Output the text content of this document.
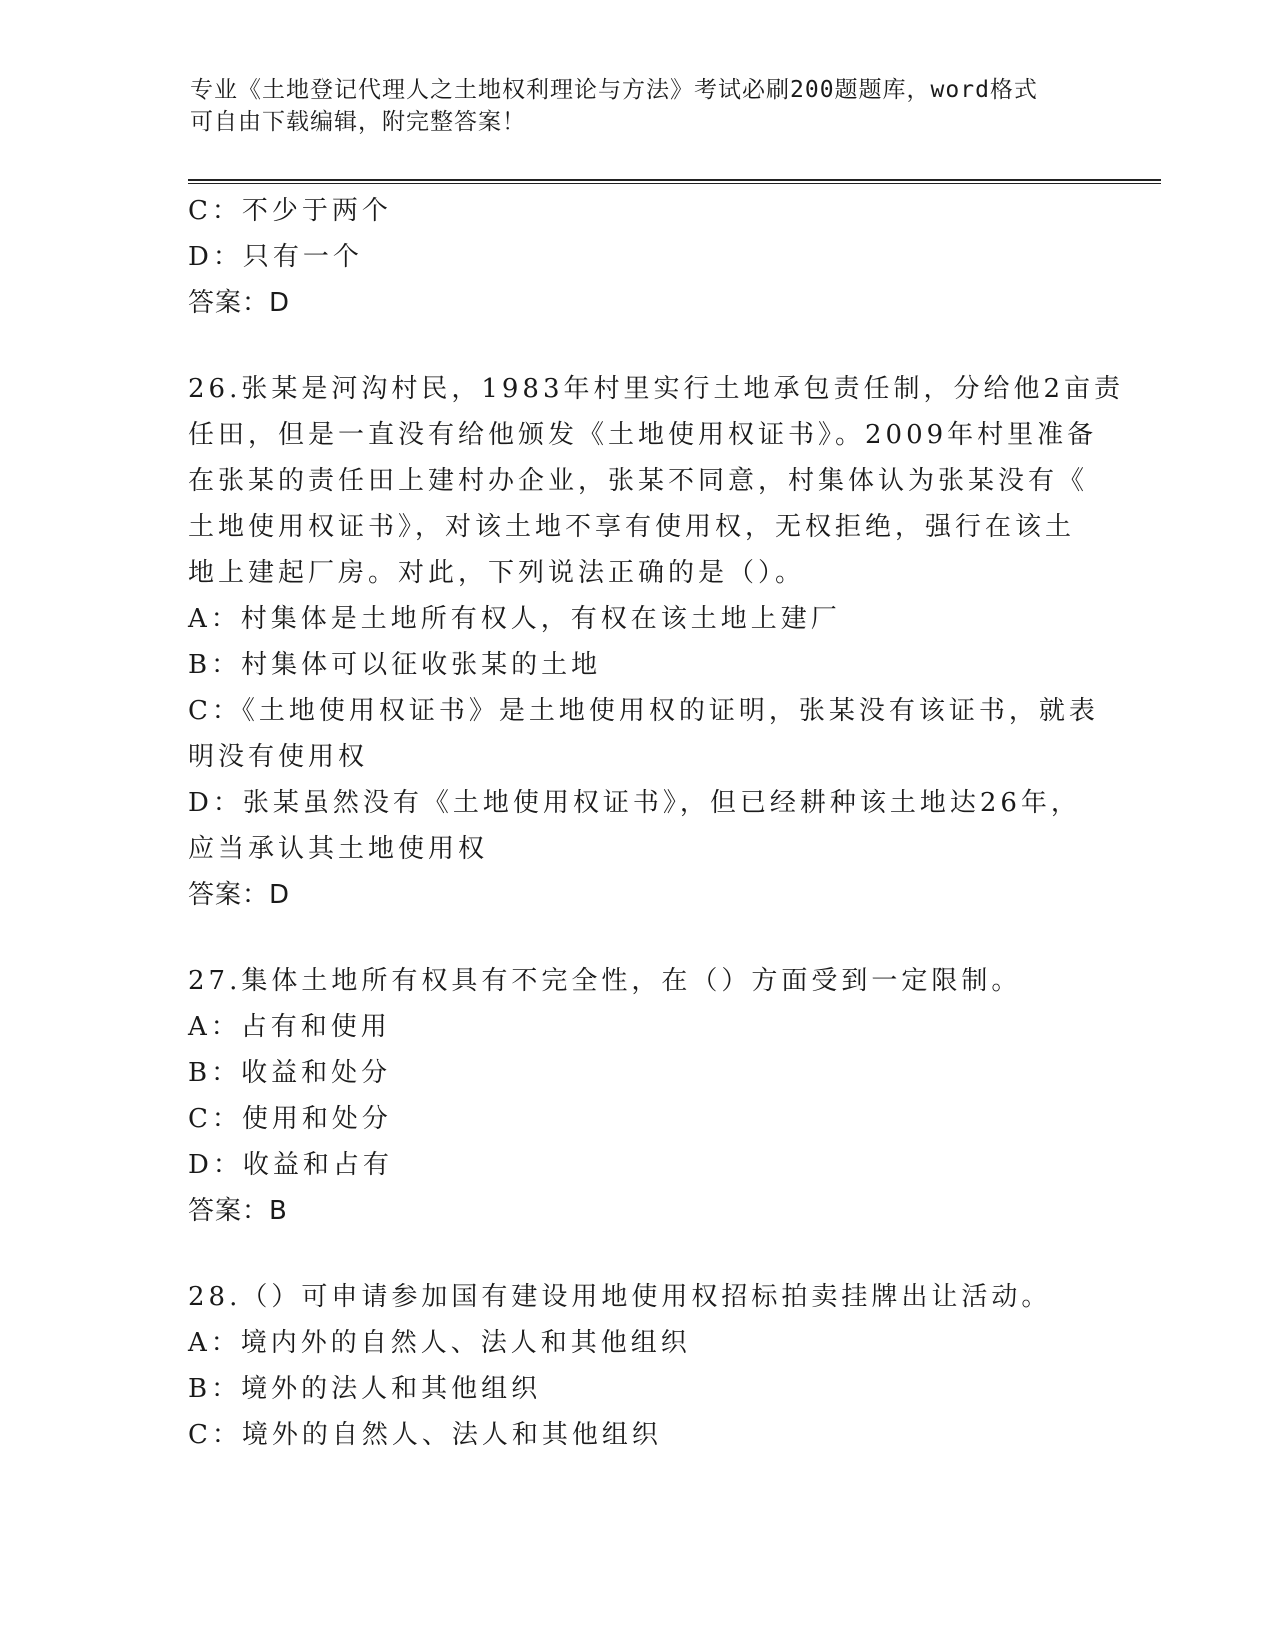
专业《土地登记代理人之土地权利理论与方法》考试必刷200题题库，word格式
可自由下载编辑，附完整答案！
C：不少于两个
D：只有一个
答案：D
26.张某是河沟村民，1983年村里实行土地承包责任制，分给他2亩责
任田，但是一直没有给他颁发《土地使用权证书》。2009年村里准备
在张某的责任田上建村办企业，张某不同意，村集体认为张某没有《
土地使用权证书》，对该土地不享有使用权，无权拒绝，强行在该土
地上建起厂房。对此，下列说法正确的是（）。
A：村集体是土地所有权人，有权在该土地上建厂
B：村集体可以征收张某的土地
C：《土地使用权证书》是土地使用权的证明，张某没有该证书，就表
明没有使用权
D：张某虽然没有《土地使用权证书》，但已经耕种该土地达26年，
应当承认其土地使用权
答案：D
27.集体土地所有权具有不完全性，在（）方面受到一定限制。
A：占有和使用
B：收益和处分
C：使用和处分
D：收益和占有
答案：B
28.（）可申请参加国有建设用地使用权招标拍卖挂牌出让活动。
A：境内外的自然人、法人和其他组织
B：境外的法人和其他组织
C：境外的自然人、法人和其他组织
